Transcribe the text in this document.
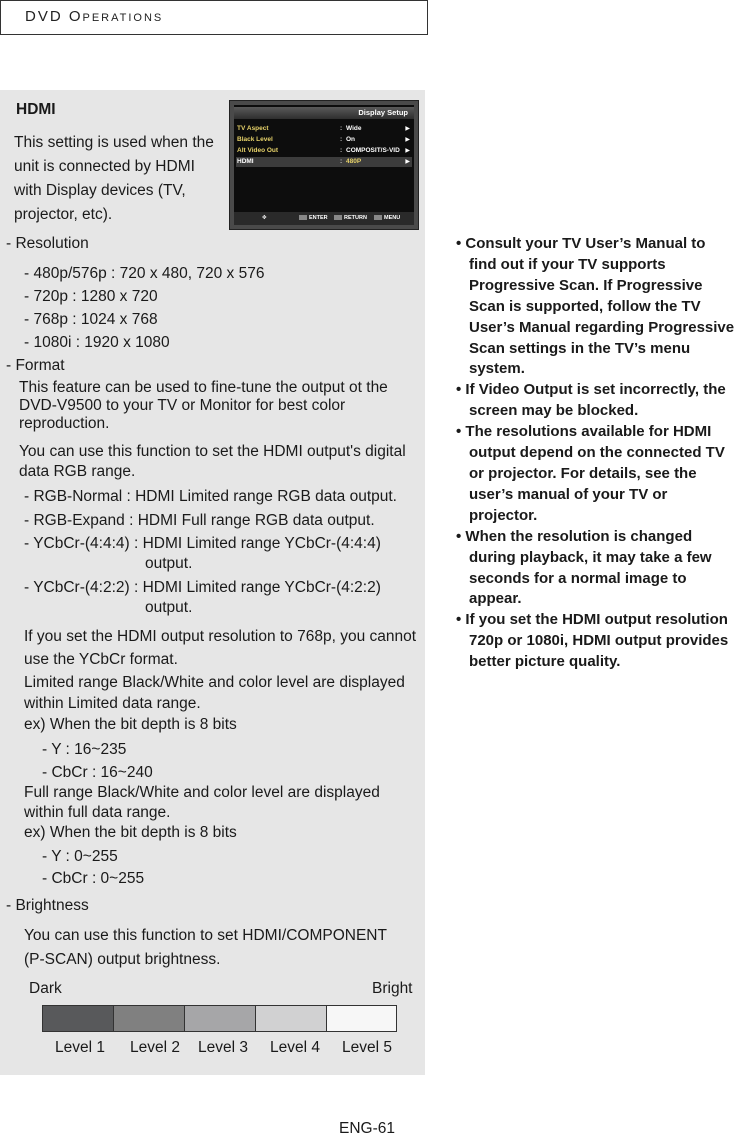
DVD Operations
HDMI
This setting is used when the unit is connected by HDMI with Display devices (TV, projector, etc).
Display Setup
TV Aspect	: Wide	▶
Black Level	: On	▶
Alt Video Out	: COMPOSIT/S-VID ▶
HDMI	: 480P	▶
✥	ENTER	RETURN	MENU
- Resolution
- 480p/576p : 720 x 480, 720 x 576
- 720p : 1280 x 720
- 768p : 1024 x 768
- 1080i : 1920 x 1080
- Format
This feature can be used to fine-tune the output ot the
DVD-V9500 to your TV or Monitor for best color
reproduction.
You can use this function to set the HDMI output's digital
data RGB range.
- RGB-Normal : HDMI Limited range RGB data output.
- RGB-Expand : HDMI Full range RGB data output.
- YCbCr-(4:4:4) : HDMI Limited range YCbCr-(4:4:4)
output.
- YCbCr-(4:2:2) : HDMI Limited range YCbCr-(4:2:2)
output.
If you set the HDMI output resolution to 768p, you cannot
use the YCbCr format.
Limited range Black/White and color level are displayed
within Limited data range.
ex) When the bit depth is 8 bits
- Y : 16~235
- CbCr : 16~240
Full range Black/White and color level are displayed
within full data range.
ex) When the bit depth is 8 bits
- Y : 0~255
- CbCr : 0~255
- Brightness
You can use this function to set HDMI/COMPONENT
(P-SCAN) output brightness.
Dark	Bright
Level 1 Level 2 Level 3 Level 4 Level 5

• Consult your TV User’s Manual to find out if your TV supports Progressive Scan. If Progressive Scan is supported, follow the TV User’s Manual regarding Progressive Scan settings in the TV’s menu system.

• If Video Output is set incorrectly, the screen may be blocked.

• The resolutions available for HDMI output depend on the connected TV or projector. For details, see the user’s manual of your TV or projector.

• When the resolution is changed during playback, it may take a few seconds for a normal image to appear.

• If you set the HDMI output resolution 720p or 1080i, HDMI output provides better picture quality.

ENG-61
